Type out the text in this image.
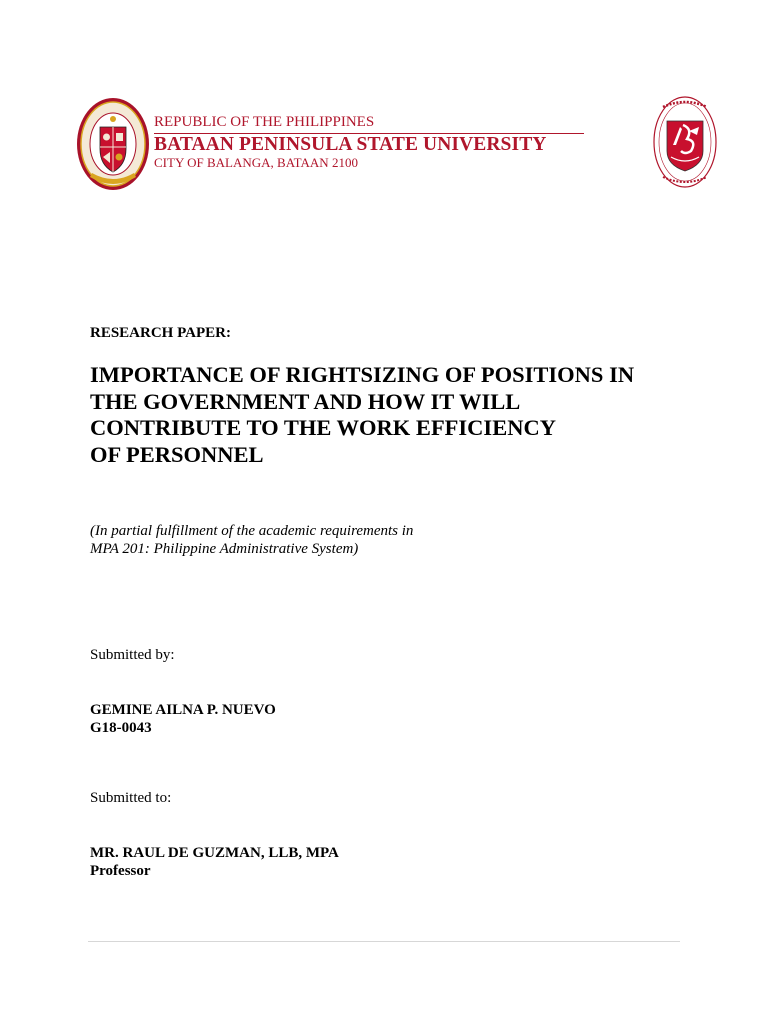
REPUBLIC OF THE PHILIPPINES
BATAAN PENINSULA STATE UNIVERSITY
CITY OF BALANGA, BATAAN 2100
RESEARCH PAPER:
IMPORTANCE OF RIGHTSIZING OF POSITIONS IN
THE GOVERNMENT AND HOW IT WILL
CONTRIBUTE TO THE WORK EFFICIENCY
OF PERSONNEL
(In partial fulfillment of the academic requirements in
MPA 201: Philippine Administrative System)
Submitted by:
GEMINE AILNA P. NUEVO
G18-0043
Submitted to:
MR. RAUL DE GUZMAN, LLB, MPA
Professor
